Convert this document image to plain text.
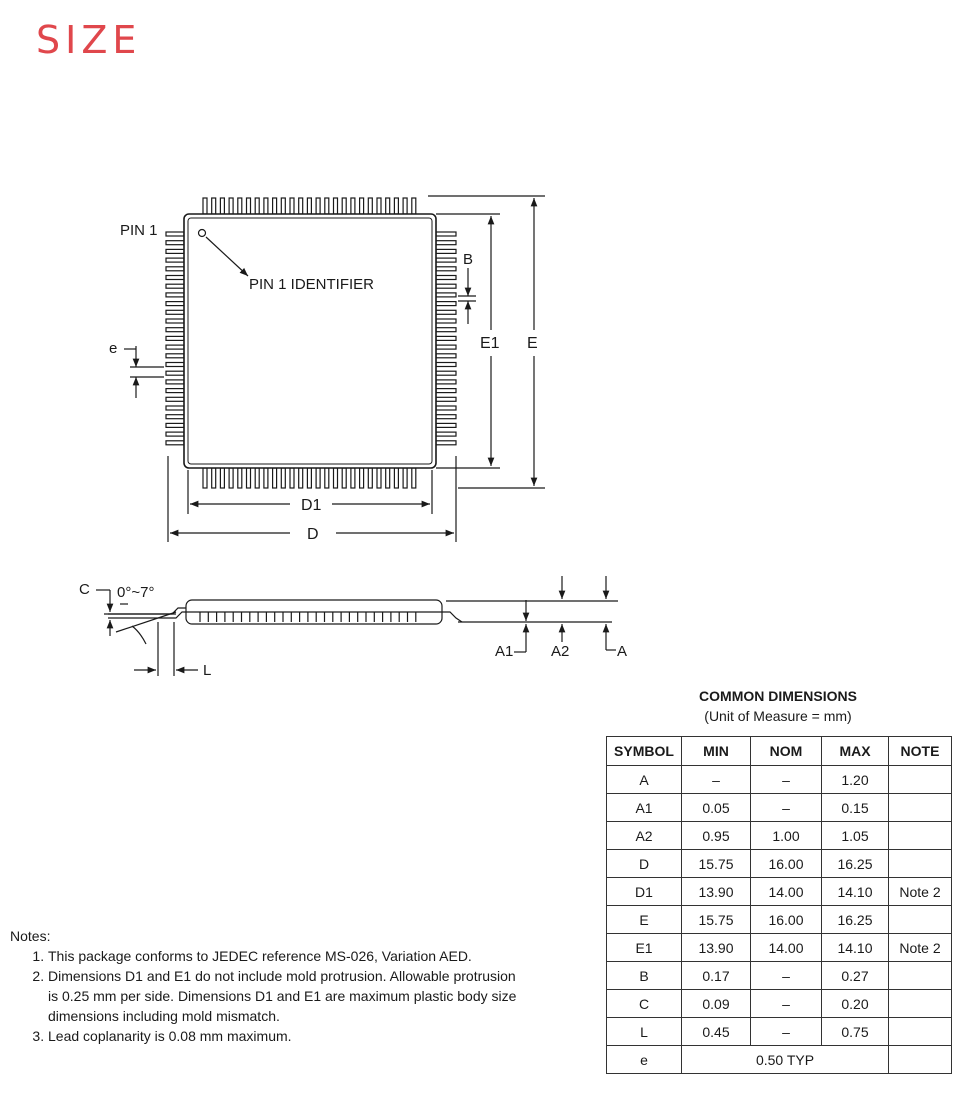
SIZE
PIN 1
PIN 1 IDENTIFIER
e
B
E1 E
D1
D
C 0°~7°
L
A1	A2	A
COMMON DIMENSIONS
(Unit of Measure = mm)
SYMBOL	MIN	NOM	MAX	NOTE
A	–	–	1.20	
A1	0.05	–	0.15	
A2	0.95	1.00	1.05	
D	15.75	16.00	16.25	
D1	13.90	14.00	14.10	Note 2
E	15.75	16.00	16.25	
E1	13.90	14.00	14.10	Note 2
B	0.17	–	0.27	
C	0.09	–	0.20	
L	0.45	–	0.75	
e	0.50 TYP			
Notes:
1. This package conforms to JEDEC reference MS-026, Variation AED.
2. Dimensions D1 and E1 do not include mold protrusion. Allowable protrusion is 0.25 mm per side. Dimensions D1 and E1 are maximum plastic body size dimensions including mold mismatch.
3. Lead coplanarity is 0.08 mm maximum.
